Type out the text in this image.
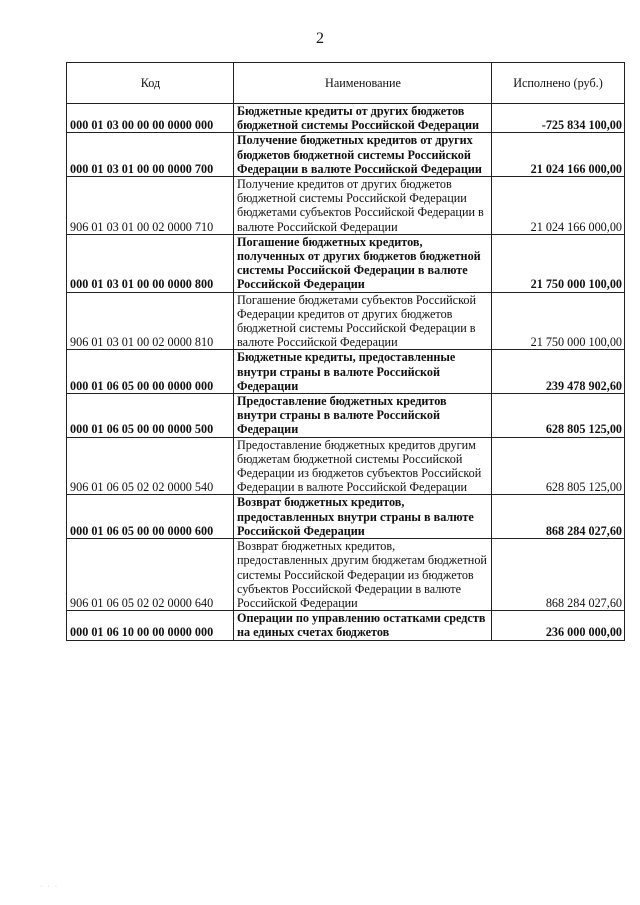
2
Код	Наименование	Исполнено (руб.)
000 01 03 00 00 00 0000 000	Бюджетные кредиты от других бюджетов бюджетной системы Российской Федерации	-725 834 100,00
000 01 03 01 00 00 0000 700	Получение бюджетных кредитов от других бюджетов бюджетной системы Российской Федерации в валюте Российской Федерации	21 024 166 000,00
906 01 03 01 00 02 0000 710	Получение кредитов от других бюджетов бюджетной системы Российской Федерации бюджетами субъектов Российской Федерации в валюте Российской Федерации	21 024 166 000,00
000 01 03 01 00 00 0000 800	Погашение бюджетных кредитов, полученных от других бюджетов бюджетной системы Российской Федерации в валюте Российской Федерации	21 750 000 100,00
906 01 03 01 00 02 0000 810	Погашение бюджетами субъектов Российской Федерации кредитов от других бюджетов бюджетной системы Российской Федерации в валюте Российской Федерации	21 750 000 100,00
000 01 06 05 00 00 0000 000	Бюджетные кредиты, предоставленные внутри страны в валюте Российской Федерации	239 478 902,60
000 01 06 05 00 00 0000 500	Предоставление бюджетных кредитов внутри страны в валюте Российской Федерации	628 805 125,00
906 01 06 05 02 02 0000 540	Предоставление бюджетных кредитов другим бюджетам бюджетной системы Российской Федерации из бюджетов субъектов Российской Федерации в валюте Российской Федерации	628 805 125,00
000 01 06 05 00 00 0000 600	Возврат бюджетных кредитов, предоставленных внутри страны в валюте Российской Федерации	868 284 027,60
906 01 06 05 02 02 0000 640	Возврат бюджетных кредитов, предоставленных другим бюджетам бюджетной системы Российской Федерации из бюджетов субъектов Российской Федерации в валюте Российской Федерации	868 284 027,60
000 01 06 10 00 00 0000 000	Операции по управлению остатками средств на единых счетах бюджетов	236 000 000,00
· · ·
